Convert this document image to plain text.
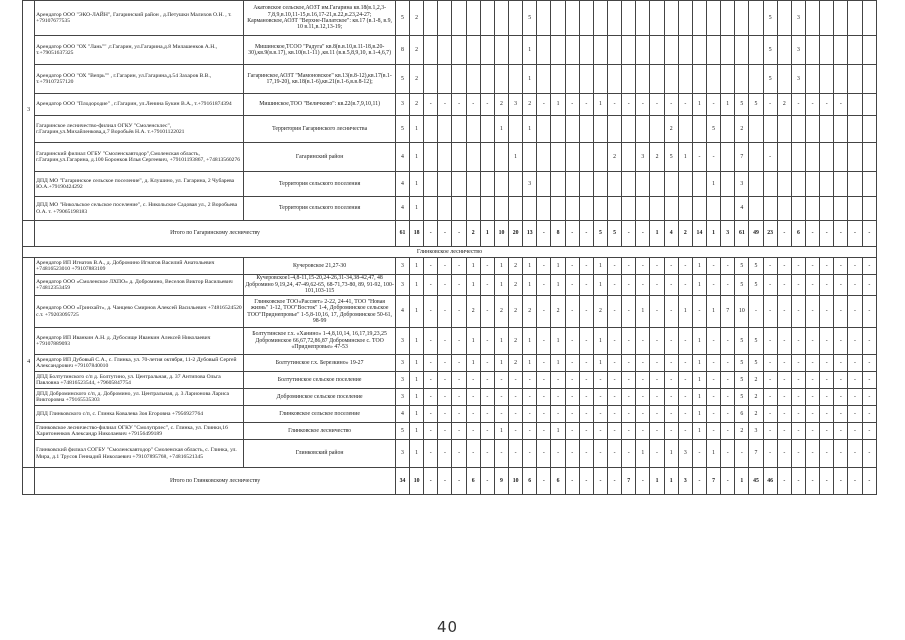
3	Арендатор ООО "ЭКО-ЛАЙН", Гагаринский район , д.Петушки Малихов О.Н. , т. +79107677535	Акатовское сельское,АОЗТ им.Гагарина кв.18(в.1,2,3-7,8,9,в.10,11-15,в.16,17-21,в.22,в.23,24-27; Кармановское,АОЗТ "Верхне-Палатское": кв.17 (в.1-8, в.9, 10 в.11,в.12,13-19;	5	2								5																	5		3					
	Арендатор ООО "ОХ "Лань"" ,г.Гагарин, ул.Гагарина,д.8 Милашенков А.Н., т.+79051637325	Мишинское,ТСОО "Радуга" кв.8(в.в.10,в.11-18,в.20-30),кв.9(в.в.17), кв.10(в.1-11) ,кв.11 (в.в.5,8,9,10, в.1-4,6,7)	8	2								1																	5		3					
	Арендатор ООО "ОХ "Вепрь"" , г.Гагарин, ул.Гагарина,д.54 Захаров В.В., т.+79107257120	Гагаринское,АОЗТ "Мамоновское" кв.13(в.8-12),кв.17(в.1-17,19-20), кв.18(в.1-6),кв.21(в.1-6,в.в.8-12);	5	2								1																	5		3					
	Арендатор ООО "Плодородие" , г.Гагарин, ул.Ленина Букин В.А., т.+79161874394	Мишинское,ТОО "Величково": кв.22(в.7,9,10,11)	3	2	-	-	-	-	-	2	3	2	-	1	-	-	1	-	-	-	-	-	-	1	-	1	5	5	-	2	-	-	-	-		
	Гагаринское лесничество-филиал ОГКУ "Смоленсклес", г.Гагарин,ул.Михайленкова,д.7 Воробьёв Н.А. т.+79101122021	Территория Гагаринского лесничества	5	1						1		1										2			5		2									
	Гагаринский филиал ОГБУ "Смоленскавтодор",Смоленская область, г.Гагарин,ул.Гагарина, д.100 Боронков Илья Сергеевич, +79101193867, +74813560276	Гагаринский район	4	1							1							2		3	2	5	1	-	-		7		-							
	ДПД МО "Гагаринское сельское поселение", д. Клушино, ул. Гагарина, 2 Чубарева Ю.А.+79190424292	Территория сельского поселения	4	1								3													1		3									
	ДПД МО "Никольское сельское поселение", с. Никольское Садовая ул., 2 Воробьева О.А. т. +79065198183	Территория сельского поселения	4	1																							4									
	Итого по Гагаринскому лесничеству		61	18	-	-	-	2	1	10	20	13	-	8	-	-	5	5	-	-	1	4	2	14	1	3	61	49	23	-	6	-	-	-	-	-
Глинковское лесничество																																				
4	Арендатор ИП Игнатов В.А., д. Добромино Игнатов Василий Анатольевич +74816523010 +79107883109	Кучеровское 21,27-30	3	1	-	-	-	1	-	1	2	1	-	1	-	-	1	-	-	-	-	-	-	1	-	-	5	5	-	-	-	-	-	-	-	-
	Арендатор ООО «Смоленское ЛХПО» д. Добромино, Веселов Виктор Васильевич +74812353459	Кучеровское1-4,8-11,15-20,24-26,31-34,38-42,47, 48 Добромино 9,19,24, 47-49,62-65, 68-71,73-80, 89, 91-92, 100-101,103-115	3	1	-	-	-	1	-	1	2	1	-	1	-	-	1	-	-	-	-	-	-	1	-	-	5	5	-	-	-	-	-	-	-	-
	Арендатор ООО «Гринхайт», д. Чанцево Смирнов Алексей Васильевич +74816524520 с.т. +79203095725	Глинковское ТОО«Рассвет» 2-22, 24-41, ТОО "Новая жизнь" 1-12, ТОО"Восток" 1-4, Доброминское сельское ТОО"Приднепровье" 1-5,8-10,16, 17, Доброминское 50-61, 98-99	4	1	-	-	-	2	-	2	2	2	-	2	-	-	2	-	-	1	-	-	1	-	1	7	10	-	-	-	-	-	-	-	-	-
	Арендатор ИП Иванкин А.Н. д. Дубосище Иванкин Алексей Николаевич +79107889093	Болтутинское г.х. «Ханино» 1-4,8,10,14, 16,17,19,23,25 Доброминское 66,67,72,86,87 Доброминское с. ТОО «Приднепровье» 47-53	3	1	-	-	-	1	-	1	2	1	-	1	-	-	1	-	-	-	-	-	-	1	-	-	5	5	-	-	-	-	-	-	-	-
	Арендатор ИП Дубовый С.А., с. Глинка, ул. 70-летия октября, 11-2 Дубовый Сергей Александрович +79107840010	Болтутинское г.х. Березкино» 19-27	3	1	-	-	-	1	-	1	2	1	-	1	-	-	1	-	-	-	-	-	-	1	-	-	5	5	-	-	-	-	-	-	-	-
	ДПД Болтутинского с/п д. Болтутино, ул. Центральная, д. 37 Антипова Ольга Павловна +74816523544, +79605847754	Болтутинское сельское поселение	3	1	-	-	-	-	-	-	-	-	-	-	-	-	-	-	-	-	-	-	-	1	-	-	5	2	-	-	-	-	-	-	-	-
	ДПД Доброминского с/п, д. Добромино, ул. Центральная, д. 3 Ларионова Лариса Викторовна +79165535303	Доброминское сельское поселение	3	1	-	-	-	-	-	-	-	-	-	-	-	-	-	-	-	-	-	-	-	1	-	-	5	2	-	-	-	-	-	-	-	-
	ДПД Глинковского с/п, с. Глинка Ковалева Зоя Егоровна +7956927764	Глинковское сельское поселение	4	1	-	-	-	-	-	-	-	-	-	-	-	-	-	-	-	-	-	-	-	1	-	-	6	2	-	-	-	-	-	-	-	-
	Глинковское лесничество-филиал ОГКУ "Смолупрлес", с. Глинка, ул. Глинки,16 Харитоненков Александр Николаевич +79156499189	Глинковское лесничество	5	1	-	-	-	-	-	1	-	-	-	1	-	-	-	-	-	-	-	-	-	1	-	-	2	3	-	-	-	-	-	-	-	-
	Глинковский филиал СОГБУ "Смоленскавтодор" Смоленская область, с. Глинка, ул. Мира, д.1 Трусов Геннадий Николаевич +79107895768, +74816521345	Глинковский район	3	1	-	-	-	-	-	-	-	-	-	-	-	-	-	-	-	1	-	1	3	-	1	-	-	7	-	-	-	-	-	-	-	-
	Итого по Глинковскому лесничеству		34	10	-	-	-	6	-	9	10	6	-	6	-	-	-	-	7	-	1	1	3	-	7	-	1	45	46	-	-	-	-	-	-	-
40
